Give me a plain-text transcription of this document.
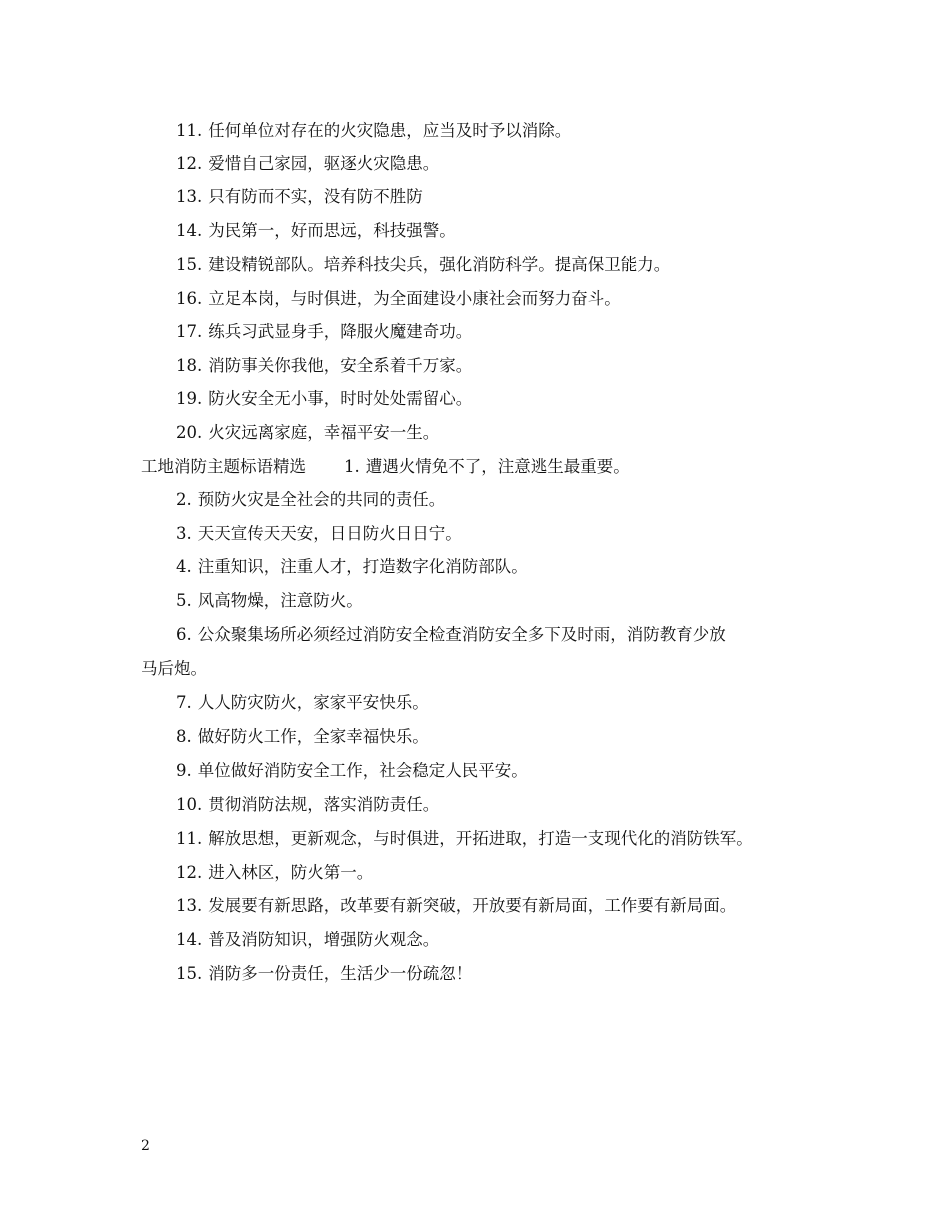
11. 任何单位对存在的火灾隐患，应当及时予以消除。
12. 爱惜自己家园，驱逐火灾隐患。
13. 只有防而不实，没有防不胜防
14. 为民第一，好而思远，科技强警。
15. 建设精锐部队。培养科技尖兵，强化消防科学。提高保卫能力。
16. 立足本岗，与时俱进，为全面建设小康社会而努力奋斗。
17. 练兵习武显身手，降服火魔建奇功。
18. 消防事关你我他，安全系着千万家。
19. 防火安全无小事，时时处处需留心。
20. 火灾远离家庭，幸福平安一生。
工地消防主题标语精选 1. 遭遇火情免不了，注意逃生最重要。
2. 预防火灾是全社会的共同的责任。
3. 天天宣传天天安，日日防火日日宁。
4. 注重知识，注重人才，打造数字化消防部队。
5. 风高物燥，注意防火。
6. 公众聚集场所必须经过消防安全检查消防安全多下及时雨，消防教育少放
马后炮。
7. 人人防灾防火，家家平安快乐。
8. 做好防火工作，全家幸福快乐。
9. 单位做好消防安全工作，社会稳定人民平安。
10. 贯彻消防法规，落实消防责任。
11. 解放思想，更新观念，与时俱进，开拓进取，打造一支现代化的消防铁军。
12. 进入林区，防火第一。
13. 发展要有新思路，改革要有新突破，开放要有新局面，工作要有新局面。
14. 普及消防知识，增强防火观念。
15. 消防多一份责任，生活少一份疏忽！
2
